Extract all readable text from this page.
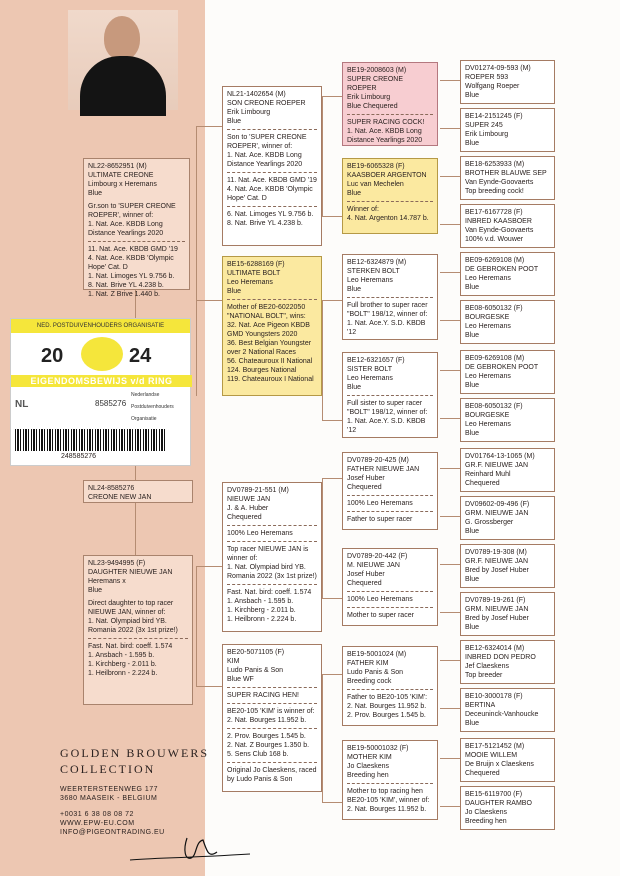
NL22-8652951 (M)
ULTIMATE CREONE
Limbourg x Heremans
Blue
Gr.son to 'SUPER CREONE ROEPER', winner of:
1. Nat. Ace. KBDB Long Distance Yearlings 2020
11. Nat. Ace. KBDB GMD '19
4. Nat. Ace. KBDB 'Olympic Hope' Cat. D
1. Nat. Limoges YL 9.756 b.
8. Nat. Brive YL 4.238 b.
1. Nat. Z Brive 1.440 b.
NED. POSTDUIVENHOUDERS ORGANISATIE
20	24
EIGENDOMSBEWIJS v/d RING
NL	8585276
Nederlandse
Postduivenhouders
Organisatie
248585276
NL24-8585276
CREONE NEW JAN
NL23-9494995 (F)
DAUGHTER NIEUWE JAN
Heremans x
Blue
Direct daughter to top racer NIEUWE JAN, winner of:
1. Nat. Olympiad bird YB. Romania 2022 (3x 1st prize!)
Fast. Nat. bird: coeff. 1.574
1. Ansbach - 1.595 b.
1. Kirchberg - 2.011 b.
1. Heilbronn - 2.224 b.
NL21-1402654 (M)
SON CREONE ROEPER
Erik Limbourg
Blue
Son to 'SUPER CREONE ROEPER', winner of:
1. Nat. Ace. KBDB Long Distance Yearlings 2020
11. Nat. Ace. KBDB GMD '19
4. Nat. Ace. KBDB 'Olympic Hope' Cat. D
6. Nat. Limoges YL 9.756 b.
8. Nat. Brive YL 4.238 b.
BE15-6288169 (F)
ULTIMATE BOLT
Leo Heremans
Blue
Mother of BE20-6022050 "NATIONAL BOLT", wins:
32. Nat. Ace Pigeon KBDB GMD Youngsters 2020
36. Best Belgian Youngster over 2 National Races
56. Chateauroux II National
124. Bourges National
119. Chateauroux I National
DV0789-21-551 (M)
NIEUWE JAN
J. & A. Huber
Chequered
100% Leo Heremans
Top racer NIEUWE JAN is winner of:
1. Nat. Olympiad bird YB. Romania 2022 (3x 1st prize!)
Fast. Nat. bird: coeff. 1.574
1. Ansbach - 1.595 b.
1. Kirchberg - 2.011 b.
1. Heilbronn - 2.224 b.
BE20-5071105 (F)
KIM
Ludo Panis & Son
Blue WF
SUPER RACING HEN!
BE20-105 'KIM' is winner of:
2. Nat. Bourges 11.952 b.
2. Prov. Bourges 1.545 b.
2. Nat. Z Bourges 1.350 b.
5. Sens Club 168 b.
Original Jo Claeskens, raced by Ludo Panis & Son
BE19-2008603 (M)
SUPER CREONE ROEPER
Erik Limbourg
Blue Chequered
SUPER RACING COCK!
1. Nat. Ace. KBDB Long Distance Yearlings 2020
BE19-6065328 (F)
KAASBOER ARGENTON
Luc van Mechelen
Blue
Winner of:
4. Nat. Argenton 14.787 b.
BE12-6324879 (M)
STERKEN BOLT
Leo Heremans
Blue
Full brother to super racer "BOLT" 198/12, winner of:
1. Nat. Ace.Y. S.D. KBDB '12
BE12-6321657 (F)
SISTER BOLT
Leo Heremans
Blue
Full sister to super racer "BOLT" 198/12, winner of:
1. Nat. Ace.Y. S.D. KBDB '12
DV0789-20-425 (M)
FATHER NIEUWE JAN
Josef Huber
Chequered
100% Leo Heremans
Father to super racer
DV0789-20-442 (F)
M. NIEUWE JAN
Josef Huber
Chequered
100% Leo Heremans
Mother to super racer
BE19-5001024 (M)
FATHER KIM
Ludo Panis & Son
Breeding cock
Father to BE20-105 'KIM':
2. Nat. Bourges 11.952 b.
2. Prov. Bourges 1.545 b.
BE19-50001032 (F)
MOTHER KIM
Jo Claeskens
Breeding hen
Mother to top racing hen BE20-105 'KIM', winner of:
2. Nat. Bourges 11.952 b.
DV01274-09-593 (M)
ROEPER 593
Wolfgang Roeper
Blue
BE14-2151245 (F)
SUPER 245
Erik Limbourg
Blue
BE18-6253933 (M)
BROTHER BLAUWE SEP
Van Eynde-Goovaerts
Top breeding cock!
BE17-6167728 (F)
INBRED KAASBOER
Van Eynde-Goovaerts
100% v.d. Wouwer
BE09-6269108 (M)
DE GEBROKEN POOT
Leo Heremans
Blue
BE08-6050132 (F)
BOURGESKE
Leo Heremans
Blue
BE09-6269108 (M)
DE GEBROKEN POOT
Leo Heremans
Blue
BE08-6050132 (F)
BOURGESKE
Leo Heremans
Blue
DV01764-13-1065 (M)
GR.F. NIEUWE JAN
Reinhard Muhl
Chequered
DV09602-09-496 (F)
GRM. NIEUWE JAN
G. Grossberger
Blue
DV0789-19-308 (M)
GR.F. NIEUWE JAN
Bred by Josef Huber
Blue
DV0789-19-261 (F)
GRM. NIEUWE JAN
Bred by Josef Huber
Blue
BE12-6324014 (M)
INBRED DON PEDRO
Jef Claeskens
Top breeder
BE10-3000178 (F)
BERTINA
Deceuninck-Vanhoucke
Blue
BE17-5121452 (M)
MOOIE WILLEM
De Bruijn x Claeskens
Chequered
BE15-6119700 (F)
DAUGHTER RAMBO
Jo Claeskens
Breeding hen
GOLDEN BROUWERS
COLLECTION
WEERTERSTEENWEG 177
3680 MAASEIK - BELGIUM
+0031 6 38 08 08 72
WWW.EPW-EU.COM
INFO@PIGEONTRADING.EU
